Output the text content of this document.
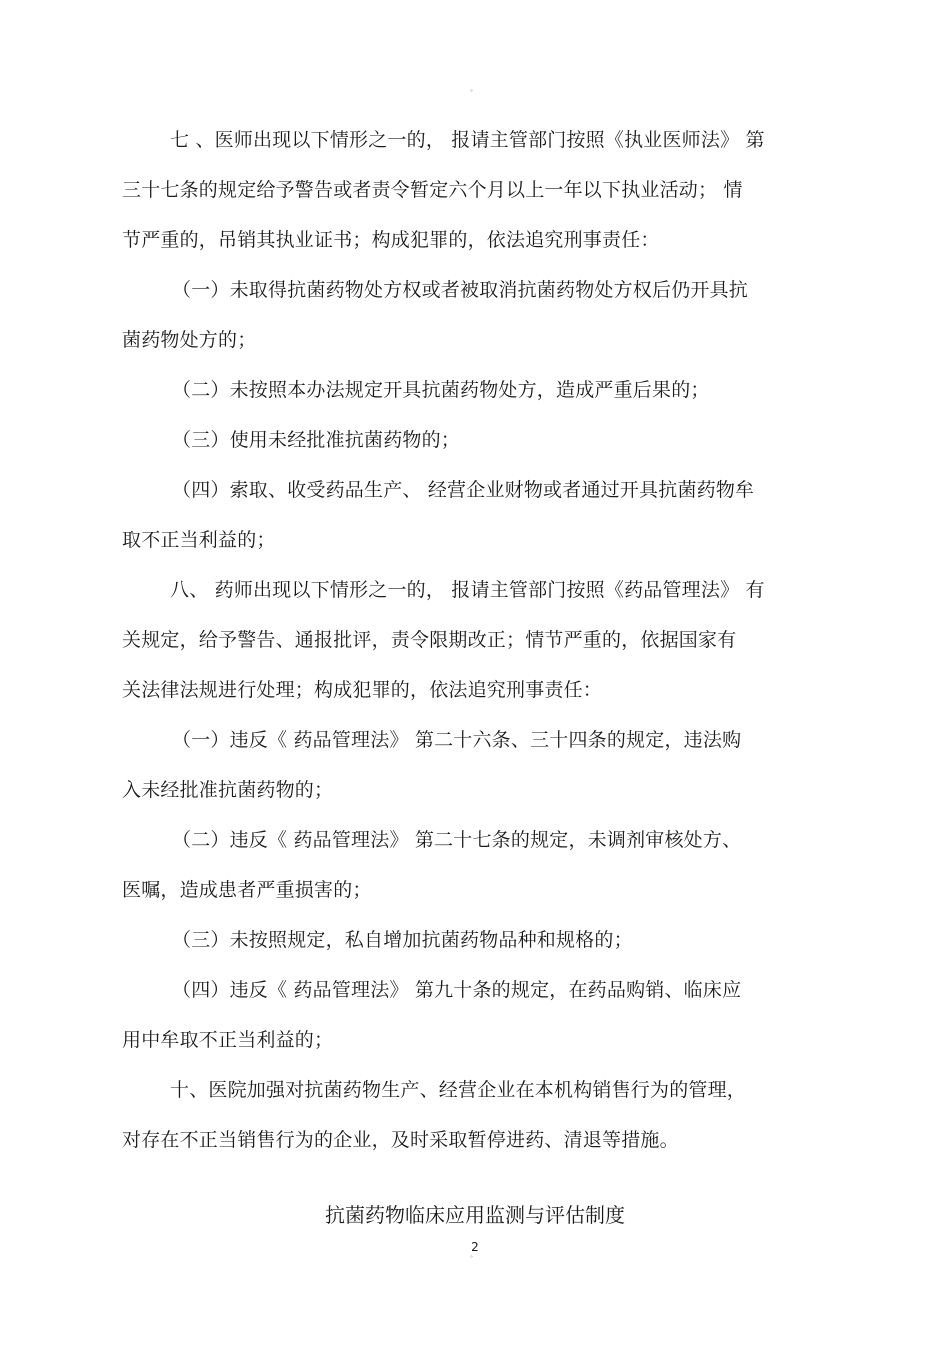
°
七 、医师出现以下情形之一的， 报请主管部门按照《执业医师法》 第
三十七条的规定给予警告或者责令暂定六个月以上一年以下执业活动； 情
节严重的，吊销其执业证书；构成犯罪的，依法追究刑事责任：
（一）未取得抗菌药物处方权或者被取消抗菌药物处方权后仍开具抗
菌药物处方的；
（二）未按照本办法规定开具抗菌药物处方，造成严重后果的；
（三）使用未经批准抗菌药物的；
（四）索取、收受药品生产、 经营企业财物或者通过开具抗菌药物牟
取不正当利益的；
八、 药师出现以下情形之一的， 报请主管部门按照《药品管理法》 有
关规定，给予警告、通报批评，责令限期改正；情节严重的，依据国家有
关法律法规进行处理；构成犯罪的，依法追究刑事责任：
（一）违反《 药品管理法》 第二十六条、三十四条的规定，违法购
入未经批准抗菌药物的；
（二）违反《 药品管理法》 第二十七条的规定，未调剂审核处方、
医嘱，造成患者严重损害的；
（三）未按照规定，私自增加抗菌药物品种和规格的；
（四）违反《 药品管理法》 第九十条的规定，在药品购销、临床应
用中牟取不正当利益的；
十、医院加强对抗菌药物生产、经营企业在本机构销售行为的管理，
对存在不正当销售行为的企业，及时采取暂停进药、清退等措施。
抗菌药物临床应用监测与评估制度
2
°
